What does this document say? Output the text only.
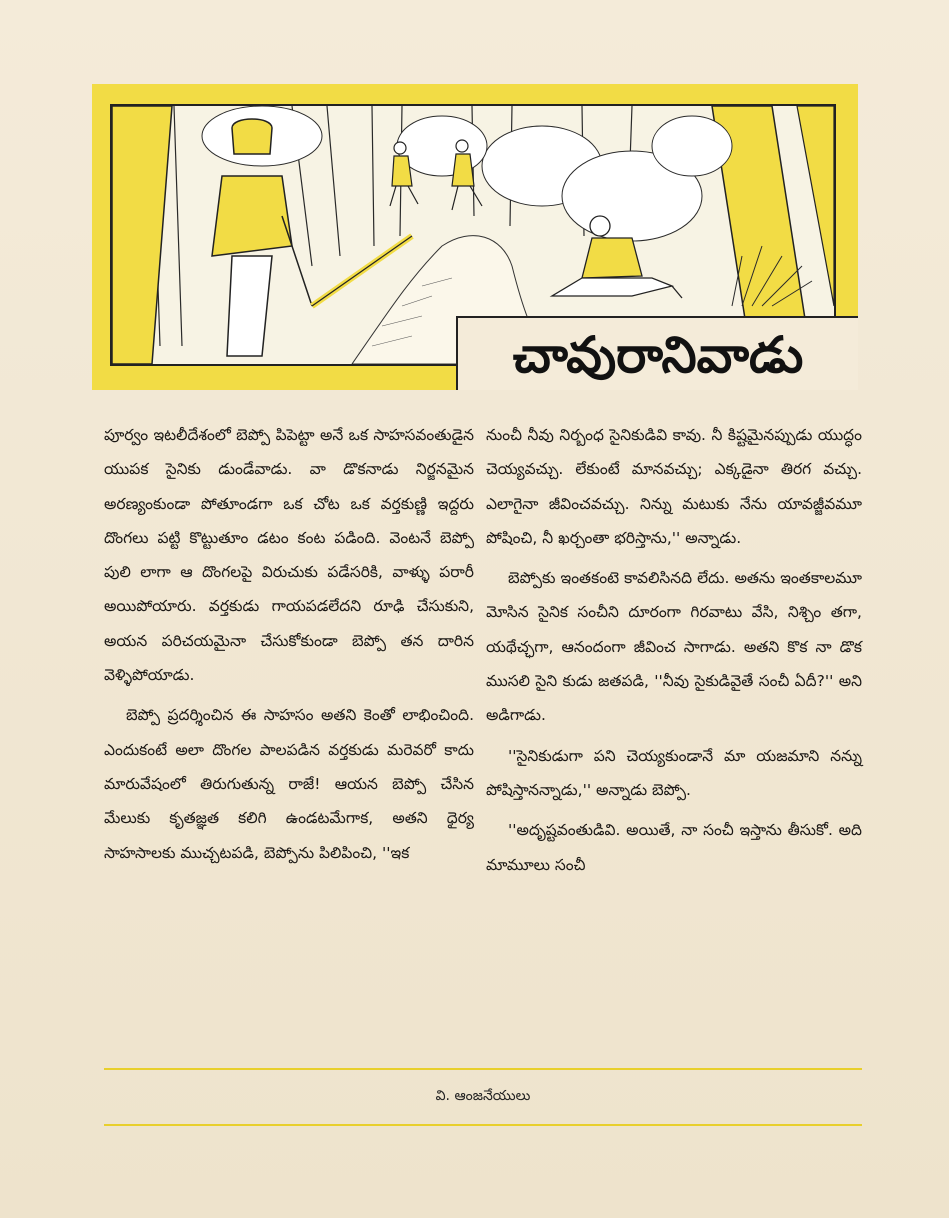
చావురానివాడు

పూర్వం ఇటలీదేశంలో బెప్పో పిపెట్టా అనే ఒక సాహసవంతుడైన యుపక సైనికు డుండేవాడు. వా డొకనాడు నిర్జనమైన అరణ్యంకుండా పోతూండగా ఒక చోట ఒక వర్తకుణ్ణి ఇద్దరు దొంగలు పట్టి కొట్టుతూం డటం కంట పడింది. వెంటనే బెప్పో పులి లాగా ఆ దొంగలపై విరుచుకు పడేసరికి, వాళ్ళు పరారీ అయిపోయారు. వర్తకుడు గాయపడలేదని రూఢి చేసుకుని, అయన పరిచయమైనా చేసుకోకుండా బెప్పో తన దారిన వెళ్ళిపోయాడు.

బెప్పో ప్రదర్శించిన ఈ సాహసం అతని కెంతో లాభించింది. ఎందుకంటే అలా దొంగల పాలపడిన వర్తకుడు మరెవరో కాదు మారువేషంలో తిరుగుతున్న రాజే! ఆయన బెప్పో చేసిన మేలుకు కృతజ్ఞత కలిగి ఉండటమేగాక, అతని ధైర్య సాహసాలకు ముచ్చటపడి, బెప్పోను పిలిపించి, ''ఇక

నుంచీ నీవు నిర్బంధ సైనికుడివి కావు. నీ కిష్టమైనప్పుడు యుద్ధం చెయ్యవచ్చు. లేకుంటే మానవచ్చు; ఎక్కడైనా తిరగ వచ్చు. ఎలాగైనా జీవించవచ్చు. నిన్ను మటుకు నేను యావజ్జీవమూ పోషించి, నీ ఖర్చంతా భరిస్తాను,'' అన్నాడు.

బెప్పోకు ఇంతకంటె కావలిసినది లేదు. అతను ఇంతకాలమూ మోసిన సైనిక సంచీని దూరంగా గిరవాటు వేసి, నిశ్చిం తగా, యథేచ్ఛగా, ఆనందంగా జీవించ సాగాడు. అతని కొక నా డొక ముసలి సైని కుడు జతపడి, ''నీవు సైకుడివైతే సంచీ ఏదీ?'' అని అడిగాడు.

''సైనికుడుగా పని చెయ్యకుండానే మా యజమాని నన్ను పోషిస్తానన్నాడు,'' అన్నాడు బెప్పో.

''అదృష్టవంతుడివి. అయితే, నా సంచీ ఇస్తాను తీసుకో. అది మామూలు సంచీ

వి. ఆంజనేయులు
